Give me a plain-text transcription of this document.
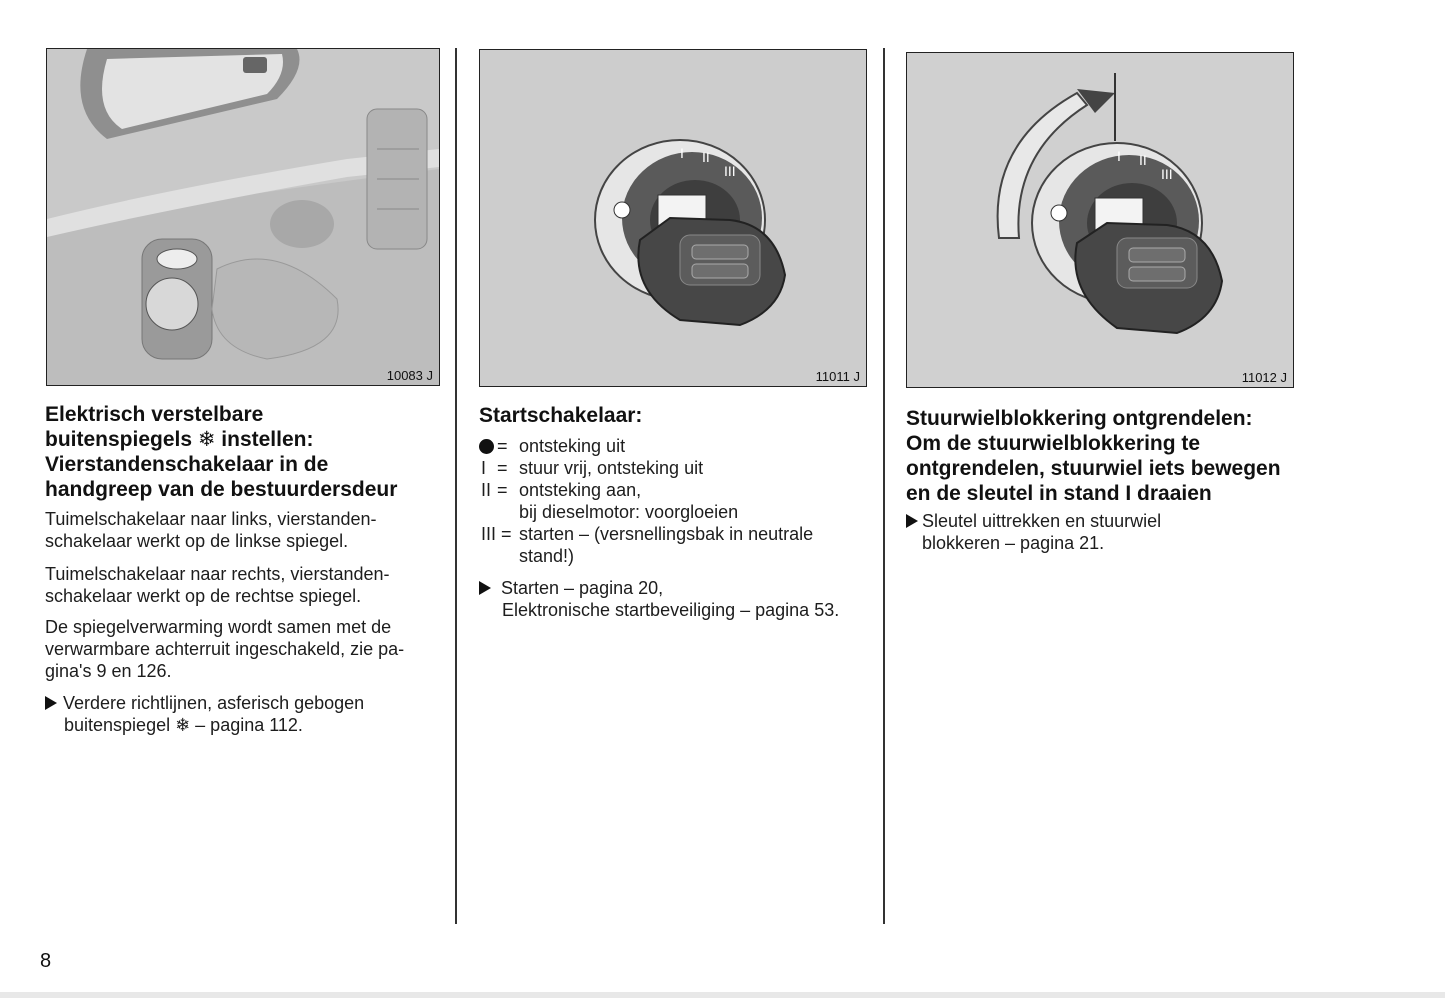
10083 J
I II
III
11011 J
I II
III
11012 J
Elektrisch verstelbare
buitenspiegels ❄ instellen:
Vierstandenschakelaar in de
handgreep van de bestuurdersdeur
Tuimelschakelaar naar links, vierstanden-
schakelaar werkt op de linkse spiegel.
Tuimelschakelaar naar rechts, vierstanden-
schakelaar werkt op de rechtse spiegel.
De spiegelverwarming wordt samen met de
verwarmbare achterruit ingeschakeld, zie pa-
gina's 9 en 126.
Verdere richtlijnen, asferisch gebogen
buitenspiegel ❄ – pagina 112.
Startschakelaar:
= ontsteking uit
I = stuur vrij, ontsteking uit
II = ontsteking aan,
bij dieselmotor: voorgloeien
III = starten – (versnellingsbak in neutrale
stand!)
Starten – pagina 20,
Elektronische startbeveiliging – pagina 53.
Stuurwielblokkering ontgrendelen:
Om de stuurwielblokkering te
ontgrendelen, stuurwiel iets bewegen
en de sleutel in stand I draaien
Sleutel uittrekken en stuurwiel
blokkeren – pagina 21.
8
